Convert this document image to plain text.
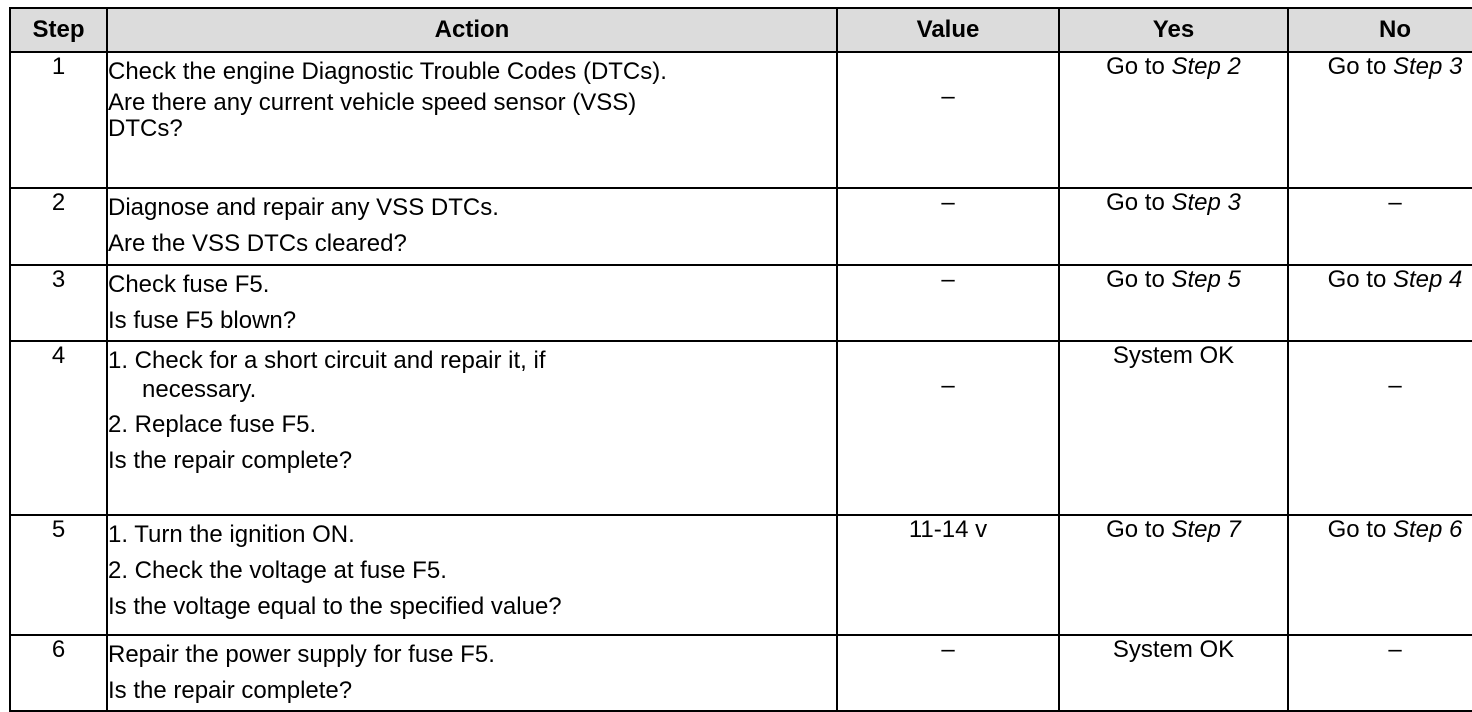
Step	Action	Value	Yes	No
1	Check the engine Diagnostic Trouble Codes (DTCs).
Are there any current vehicle speed sensor (VSS)
DTCs?	–	Go to Step 2	Go to Step 3
2	Diagnose and repair any VSS DTCs.
Are the VSS DTCs cleared?	–	Go to Step 3	–
3	Check fuse F5.
Is fuse F5 blown?	–	Go to Step 5	Go to Step 4
4	1. Check for a short circuit and repair it, if
necessary.
2. Replace fuse F5.
Is the repair complete?	–	System OK	–
5	1. Turn the ignition ON.
2. Check the voltage at fuse F5.
Is the voltage equal to the specified value?	11-14 v	Go to Step 7	Go to Step 6
6	Repair the power supply for fuse F5.
Is the repair complete?	–	System OK	–
